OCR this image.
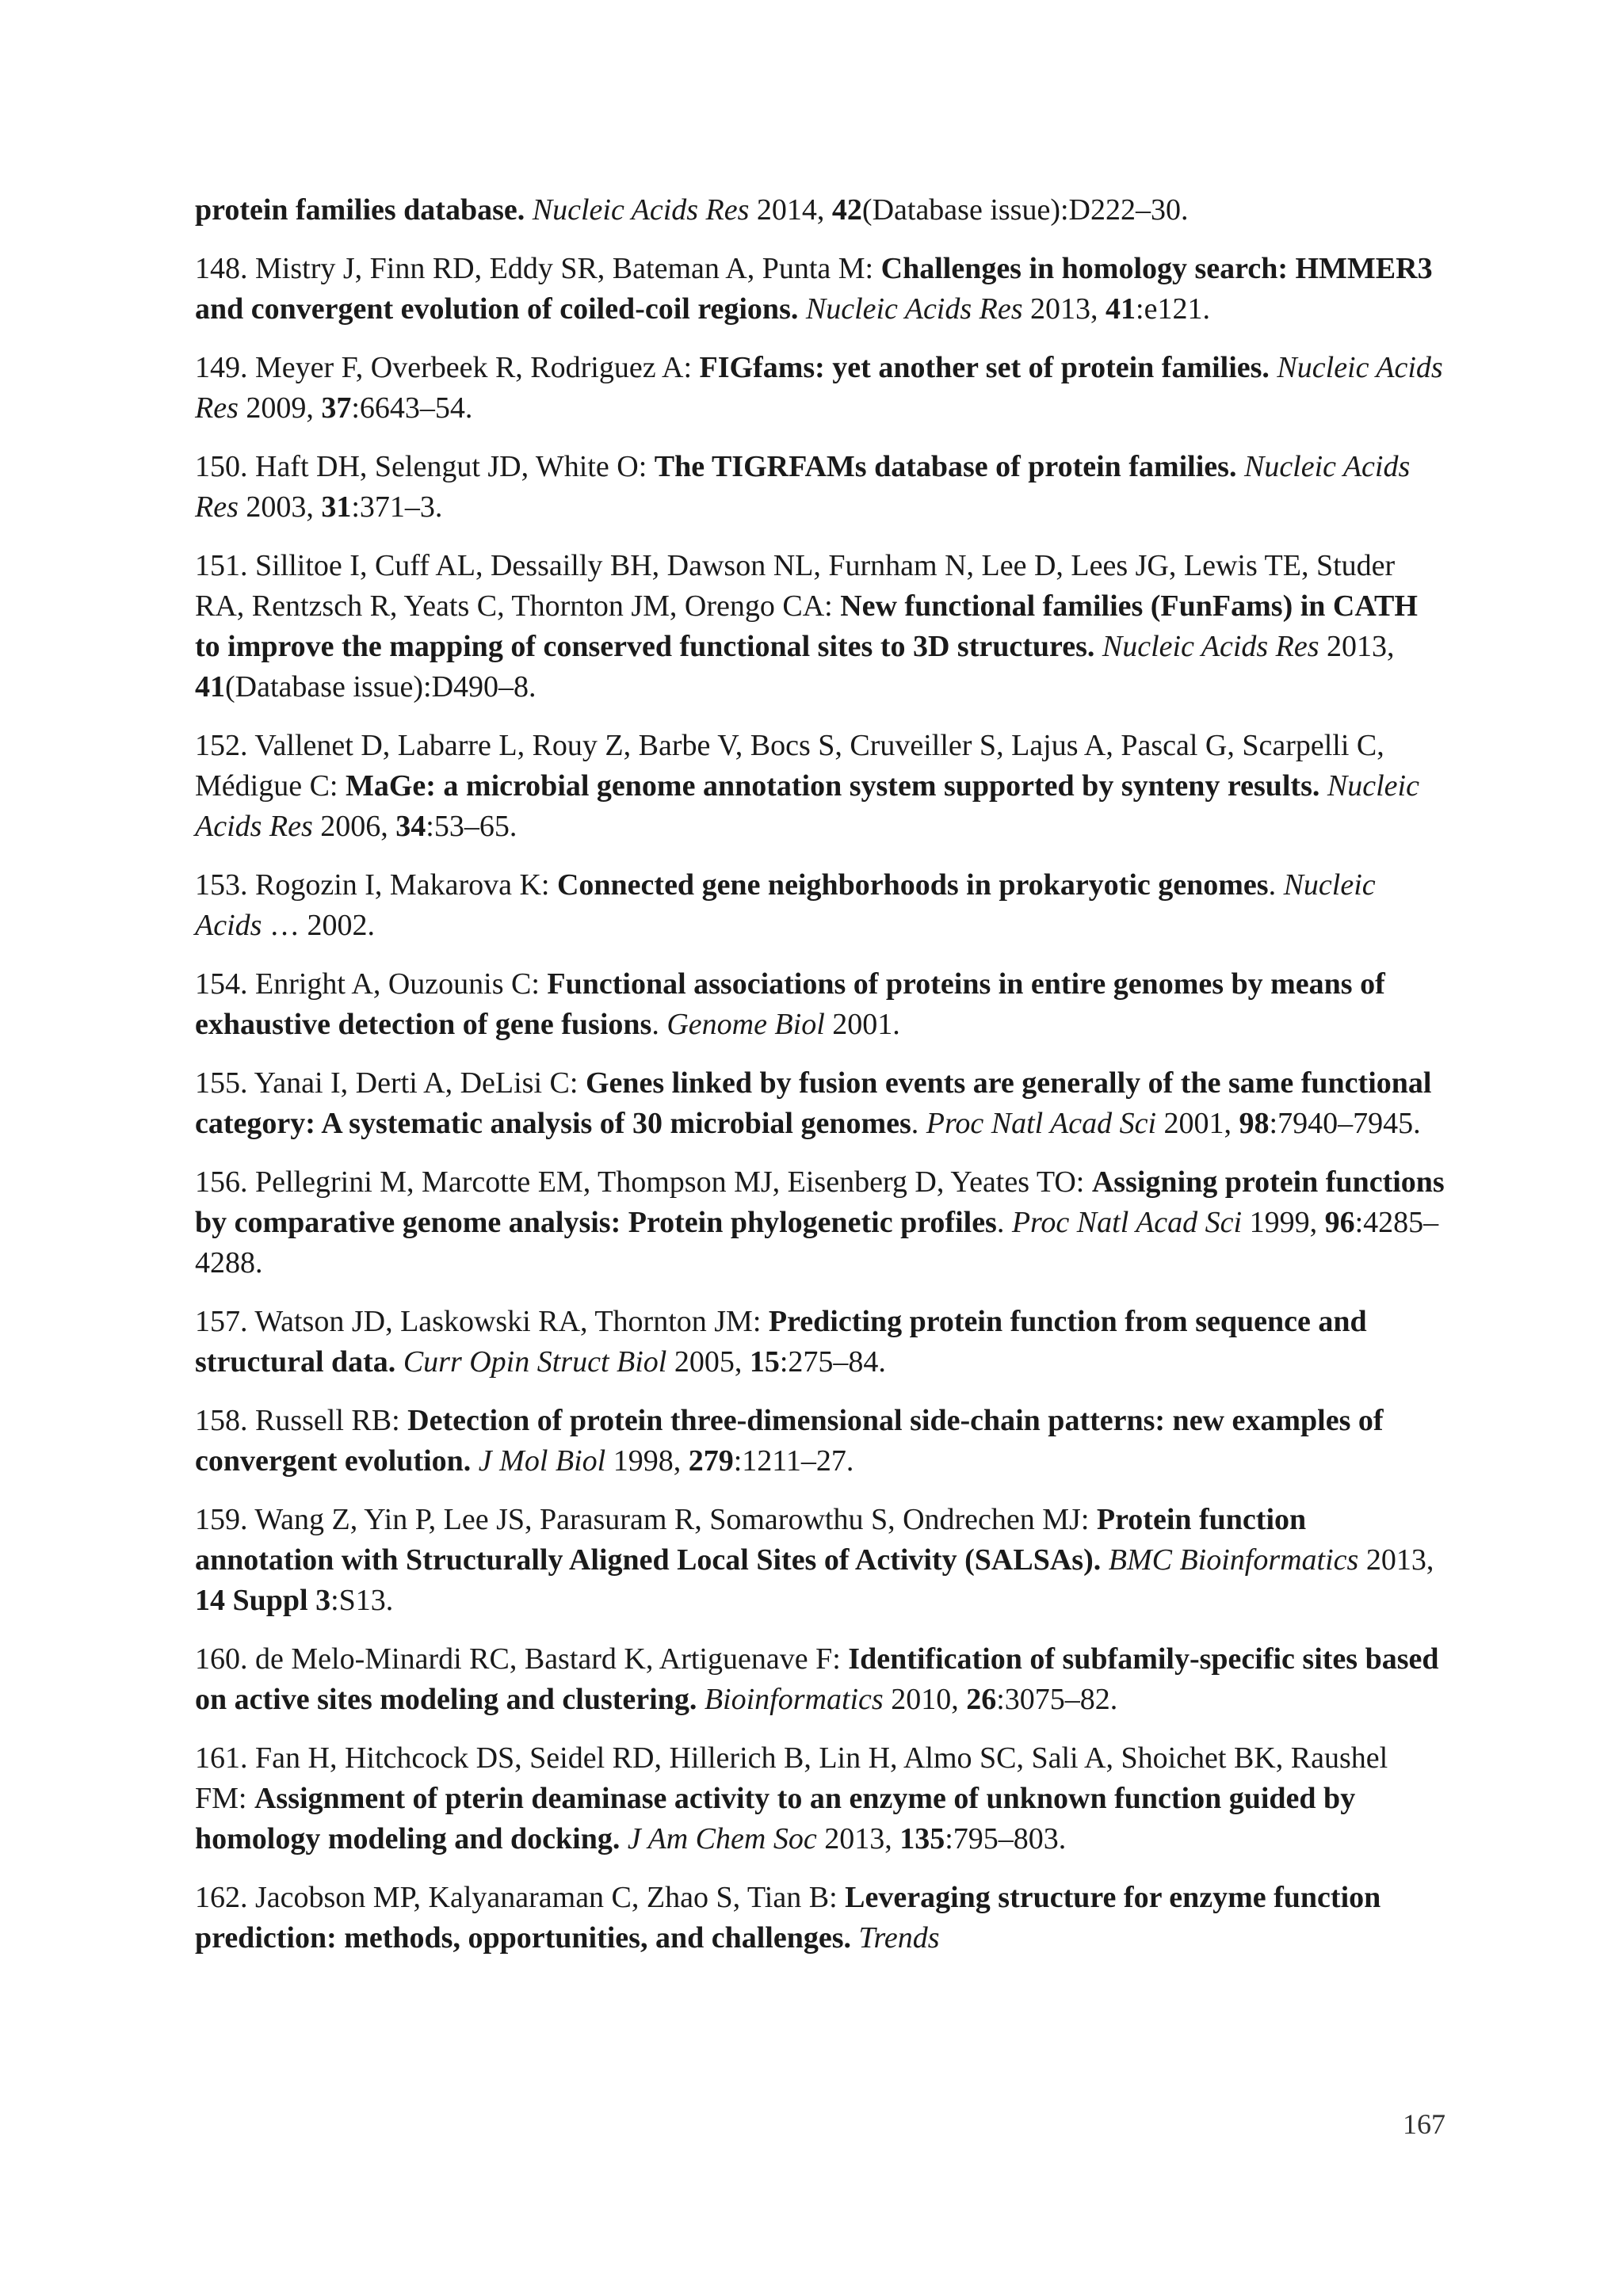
protein families database. Nucleic Acids Res 2014, 42(Database issue):D222–30.

148. Mistry J, Finn RD, Eddy SR, Bateman A, Punta M: Challenges in homology search: HMMER3 and convergent evolution of coiled-coil regions. Nucleic Acids Res 2013, 41:e121.

149. Meyer F, Overbeek R, Rodriguez A: FIGfams: yet another set of protein families. Nucleic Acids Res 2009, 37:6643–54.

150. Haft DH, Selengut JD, White O: The TIGRFAMs database of protein families. Nucleic Acids Res 2003, 31:371–3.

151. Sillitoe I, Cuff AL, Dessailly BH, Dawson NL, Furnham N, Lee D, Lees JG, Lewis TE, Studer RA, Rentzsch R, Yeats C, Thornton JM, Orengo CA: New functional families (FunFams) in CATH to improve the mapping of conserved functional sites to 3D structures. Nucleic Acids Res 2013, 41(Database issue):D490–8.

152. Vallenet D, Labarre L, Rouy Z, Barbe V, Bocs S, Cruveiller S, Lajus A, Pascal G, Scarpelli C, Médigue C: MaGe: a microbial genome annotation system supported by synteny results. Nucleic Acids Res 2006, 34:53–65.

153. Rogozin I, Makarova K: Connected gene neighborhoods in prokaryotic genomes. Nucleic Acids … 2002.

154. Enright A, Ouzounis C: Functional associations of proteins in entire genomes by means of exhaustive detection of gene fusions. Genome Biol 2001.

155. Yanai I, Derti A, DeLisi C: Genes linked by fusion events are generally of the same functional category: A systematic analysis of 30 microbial genomes. Proc Natl Acad Sci 2001, 98:7940–7945.

156. Pellegrini M, Marcotte EM, Thompson MJ, Eisenberg D, Yeates TO: Assigning protein functions by comparative genome analysis: Protein phylogenetic profiles. Proc Natl Acad Sci 1999, 96:4285–4288.

157. Watson JD, Laskowski RA, Thornton JM: Predicting protein function from sequence and structural data. Curr Opin Struct Biol 2005, 15:275–84.

158. Russell RB: Detection of protein three-dimensional side-chain patterns: new examples of convergent evolution. J Mol Biol 1998, 279:1211–27.

159. Wang Z, Yin P, Lee JS, Parasuram R, Somarowthu S, Ondrechen MJ: Protein function annotation with Structurally Aligned Local Sites of Activity (SALSAs). BMC Bioinformatics 2013, 14 Suppl 3:S13.

160. de Melo-Minardi RC, Bastard K, Artiguenave F: Identification of subfamily-specific sites based on active sites modeling and clustering. Bioinformatics 2010, 26:3075–82.

161. Fan H, Hitchcock DS, Seidel RD, Hillerich B, Lin H, Almo SC, Sali A, Shoichet BK, Raushel FM: Assignment of pterin deaminase activity to an enzyme of unknown function guided by homology modeling and docking. J Am Chem Soc 2013, 135:795–803.

162. Jacobson MP, Kalyanaraman C, Zhao S, Tian B: Leveraging structure for enzyme function prediction: methods, opportunities, and challenges. Trends

167
